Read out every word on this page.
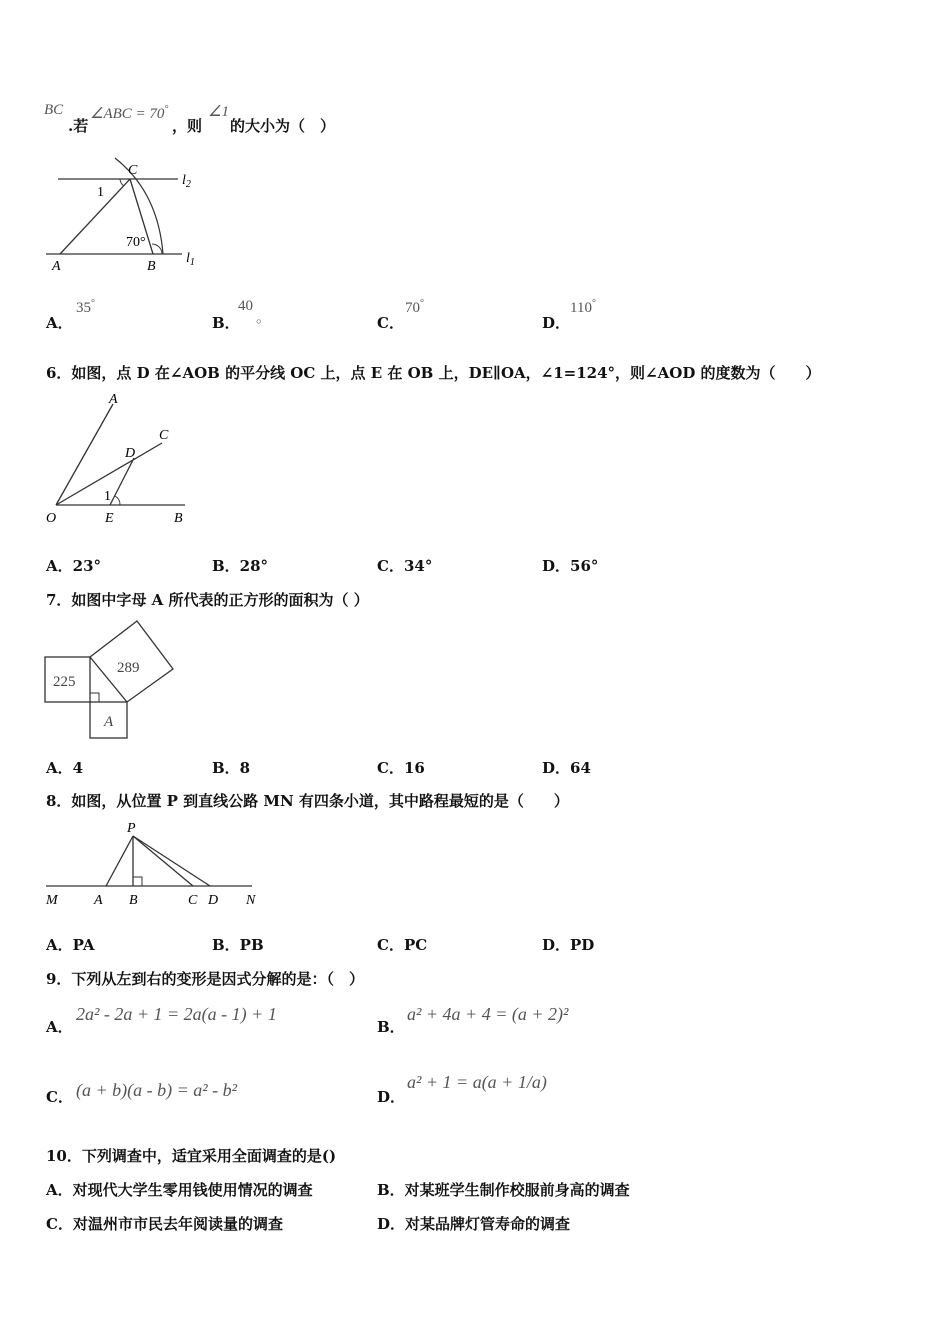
BC
.若
∠ABC = 70°
，则
∠1
的大小为（　）
C
$l_2$
1
70°
A	B
$l_1$
A．
35°
B．
40
。	C．
70°
D．
110°
6．如图，点 D 在∠AOB 的平分线 OC 上，点 E 在 OB 上，DE∥OA，∠1=124°，则∠AOD 的度数为（　　）
A
C
D
1
O	E	B
A．23°	B．28°	C．34°	D．56°
7．如图中字母 A 所代表的正方形的面积为（ ）
225
289
A
A．4	B．8	C．16	D．64
8．如图，从位置 P 到直线公路 MN 有四条小道，其中路程最短的是（　　）
P
M	A B	C D N
A．PA	B．PB	C．PC	D．PD
9．下列从左到右的变形是因式分解的是：（　）
A．
2a² - 2a + 1 = 2a(a - 1) + 1
B．
a² + 4a + 4 = (a + 2)²
C． (a + b)(a - b) = a² - b²	D．
a² + 1 = a(a + 1/a)
10．下列调查中，适宜采用全面调查的是()
A．对现代大学生零用钱使用情况的调查	B．对某班学生制作校服前身高的调查
C．对温州市市民去年阅读量的调查	D．对某品牌灯管寿命的调查
